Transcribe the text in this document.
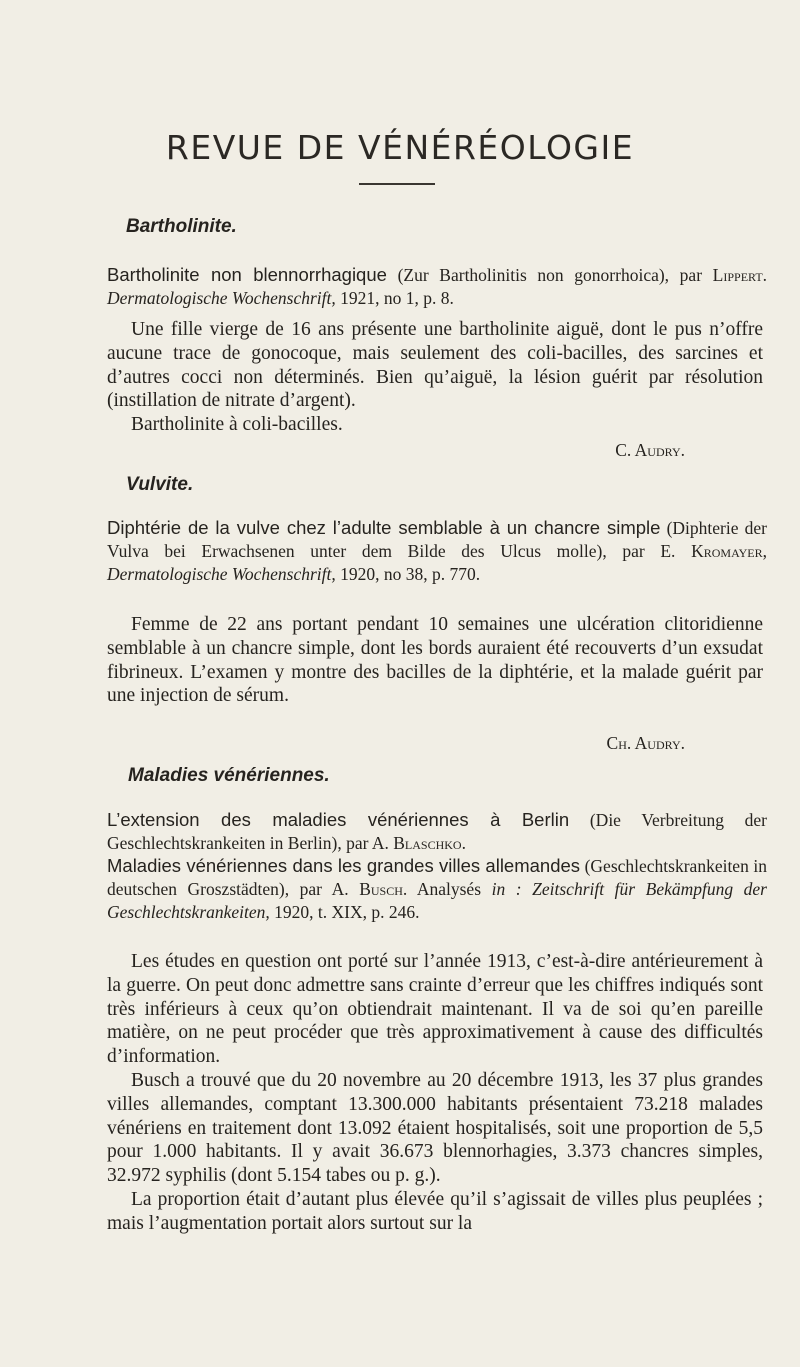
REVUE DE VÉNÉRÉOLOGIE
Bartholinite.
Bartholinite non blennorrhagique (Zur Bartholinitis non gonorrhoica), par Lippert. Dermatologische Wochenschrift, 1921, no 1, p. 8.

Une fille vierge de 16 ans présente une bartholinite aiguë, dont le pus n’offre aucune trace de gonocoque, mais seulement des coli-bacilles, des sarcines et d’autres cocci non déterminés. Bien qu’aiguë, la lésion guérit par résolution (instillation de nitrate d’argent).

Bartholinite à coli-bacilles.

C. Audry.
Vulvite.
Diphtérie de la vulve chez l’adulte semblable à un chancre simple (Diphterie der Vulva bei Erwachsenen unter dem Bilde des Ulcus molle), par E. Kromayer, Dermatologische Wochenschrift, 1920, no 38, p. 770.

Femme de 22 ans portant pendant 10 semaines une ulcération clitoridienne semblable à un chancre simple, dont les bords auraient été recouverts d’un exsudat fibrineux. L’examen y montre des bacilles de la diphtérie, et la malade guérit par une injection de sérum.

Ch. Audry.
Maladies vénériennes.
L’extension des maladies vénériennes à Berlin (Die Verbreitung der Geschlechtskrankeiten in Berlin), par A. Blaschko.
Maladies vénériennes dans les grandes villes allemandes (Geschlechtskrankeiten in deutschen Groszstädten), par A. Busch. Analysés in : Zeitschrift für Bekämpfung der Geschlechtskrankeiten, 1920, t. XIX, p. 246.

Les études en question ont porté sur l’année 1913, c’est-à-dire antérieurement à la guerre. On peut donc admettre sans crainte d’erreur que les chiffres indiqués sont très inférieurs à ceux qu’on obtiendrait maintenant. Il va de soi qu’en pareille matière, on ne peut procéder que très approximativement à cause des difficultés d’information.

Busch a trouvé que du 20 novembre au 20 décembre 1913, les 37 plus grandes villes allemandes, comptant 13.300.000 habitants présentaient 73.218 malades vénériens en traitement dont 13.092 étaient hospitalisés, soit une proportion de 5,5 pour 1.000 habitants. Il y avait 36.673 blennorhagies, 3.373 chancres simples, 32.972 syphilis (dont 5.154 tabes ou p. g.).

La proportion était d’autant plus élevée qu’il s’agissait de villes plus peuplées ; mais l’augmentation portait alors surtout sur la
